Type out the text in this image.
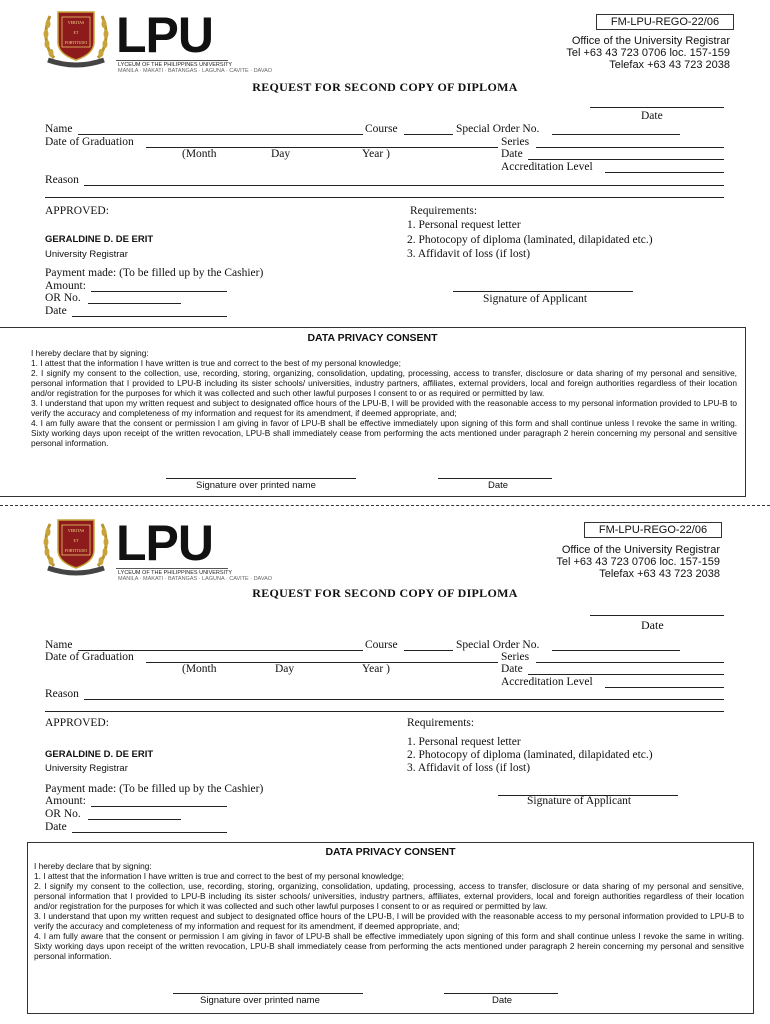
VERITAS
ET
FORTITUDO LPU
LYCEUM OF THE PHILIPPINES UNIVERSITY
MANILA · MAKATI · BATANGAS · LAGUNA · CAVITE · DAVAO
FM-LPU-REGO-22/06
Office of the University Registrar
Tel +63 43 723 0706 loc. 157-159
Telefax +63 43 723 2038
REQUEST FOR SECOND COPY OF DIPLOMA
Date
Name	Course	Special Order No.
Date of Graduation	Series
(Month	Day	Year )	Date
Accreditation Level
Reason
APPROVED:
GERALDINE D. DE ERIT
University Registrar
Requirements:
1. Personal request letter
2. Photocopy of diploma (laminated, dilapidated etc.)
3. Affidavit of loss (if lost)
Payment made: (To be filled up by the Cashier)
Amount:
OR No.
Date
Signature of Applicant
DATA PRIVACY CONSENT

I hereby declare that by signing:

1. I attest that the information I have written is true and correct to the best of my personal knowledge;

2. I signify my consent to the collection, use, recording, storing, organizing, consolidation, updating, processing, access to transfer, disclosure or data sharing of my personal and sensitive, personal information that I provided to LPU-B including its sister schools/ universities, industry partners, affiliates, external providers, local and foreign authorities regardless of their location and/or registration for the purposes for which it was collected and such other lawful purposes I consent to or as required or permitted by law.

3. I understand that upon my written request and subject to designated office hours of the LPU-B, I will be provided with the reasonable access to my personal information provided to LPU-B to verify the accuracy and completeness of my information and request for its amendment, if deemed appropriate, and;

4. I am fully aware that the consent or permission I am giving in favor of LPU-B shall be effective immediately upon signing of this form and shall continue unless I revoke the same in writing. Sixty working days upon receipt of the written revocation, LPU-B shall immediately cease from performing the acts mentioned under paragraph 2 herein concerning my personal and sensitive personal information.

Signature over printed name	Date
VERITAS
ET
FORTITUDO LPU
LYCEUM OF THE PHILIPPINES UNIVERSITY
MANILA · MAKATI · BATANGAS · LAGUNA · CAVITE · DAVAO
FM-LPU-REGO-22/06
Office of the University Registrar
Tel +63 43 723 0706 loc. 157-159
Telefax +63 43 723 2038
REQUEST FOR SECOND COPY OF DIPLOMA
Date
Name	Course	Special Order No.
Date of Graduation	Series
(Month	Day	Year )	Date
Accreditation Level
Reason
APPROVED:
GERALDINE D. DE ERIT
University Registrar
Requirements:
1. Personal request letter
2. Photocopy of diploma (laminated, dilapidated etc.)
3. Affidavit of loss (if lost)
Payment made: (To be filled up by the Cashier)
Amount:
OR No.
Date
Signature of Applicant
DATA PRIVACY CONSENT

I hereby declare that by signing:

1. I attest that the information I have written is true and correct to the best of my personal knowledge;

2. I signify my consent to the collection, use, recording, storing, organizing, consolidation, updating, processing, access to transfer, disclosure or data sharing of my personal and sensitive, personal information that I provided to LPU-B including its sister schools/ universities, industry partners, affiliates, external providers, local and foreign authorities regardless of their location and/or registration for the purposes for which it was collected and such other lawful purposes I consent to or as required or permitted by law.

3. I understand that upon my written request and subject to designated office hours of the LPU-B, I will be provided with the reasonable access to my personal information provided to LPU-B to verify the accuracy and completeness of my information and request for its amendment, if deemed appropriate, and;

4. I am fully aware that the consent or permission I am giving in favor of LPU-B shall be effective immediately upon signing of this form and shall continue unless I revoke the same in writing. Sixty working days upon receipt of the written revocation, LPU-B shall immediately cease from performing the acts mentioned under paragraph 2 herein concerning my personal and sensitive personal information.

Signature over printed name	Date
